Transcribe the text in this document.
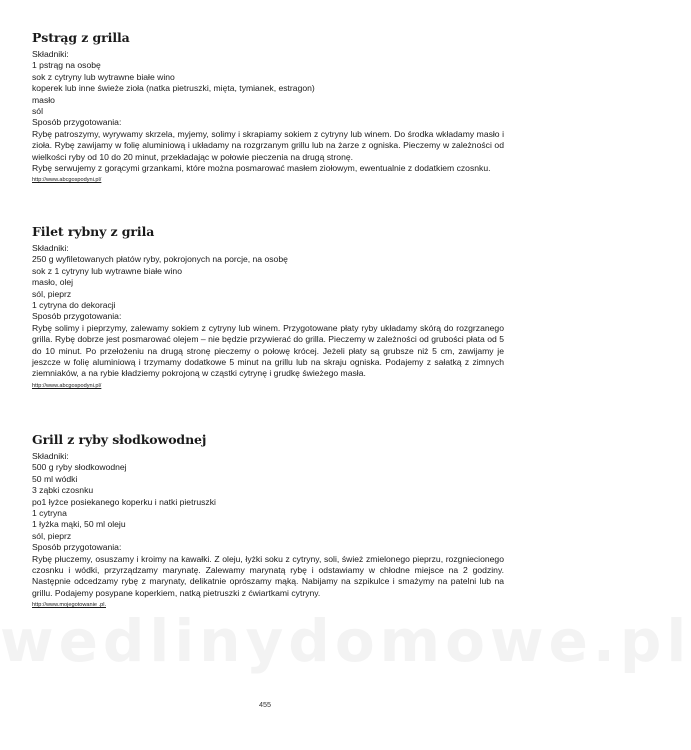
wedlinydomowe.pl
Pstrąg z grilla
Składniki:
1 pstrąg na osobę
sok z cytryny lub wytrawne białe wino
koperek lub inne świeże zioła (natka pietruszki, mięta, tymianek, estragon)
masło
sól
Sposób przygotowania:
Rybę patroszymy, wyrywamy skrzela, myjemy, solimy i skrapiamy sokiem z cytryny lub winem. Do środka wkładamy masło i zioła. Rybę zawijamy w folię aluminiową i układamy na rozgrzanym grillu lub na żarze z ogniska. Pieczemy w zależności od wielkości ryby od 10 do 20 minut, przekładając w połowie pieczenia na drugą stronę.
Rybę serwujemy z gorącymi grzankami, które można posmarować masłem ziołowym, ewentualnie z dodatkiem czosnku.
http://www.abcgospodyni.pl/
Filet rybny z grila
Składniki:
250 g wyfiletowanych płatów ryby, pokrojonych na porcje, na osobę
sok z 1 cytryny lub wytrawne białe wino
masło, olej
sól, pieprz
1 cytryna do dekoracji
Sposób przygotowania:
Rybę solimy i pieprzymy, zalewamy sokiem z cytryny lub winem. Przygotowane płaty ryby układamy skórą do rozgrzanego grilla. Rybę dobrze jest posmarować olejem – nie będzie przywierać do grilla. Pieczemy w zależności od grubości płata od 5 do 10 minut. Po przełożeniu na drugą stronę pieczemy o połowę krócej. Jeżeli płaty są grubsze niż 5 cm, zawijamy je jeszcze w folię aluminiową i trzymamy dodatkowe 5 minut na grillu lub na skraju ogniska. Podajemy z sałatką z zimnych ziemniaków, a na rybie kładziemy pokrojoną w cząstki cytrynę i grudkę świeżego masła.
http://www.abcgospodyni.pl/
Grill z ryby słodkowodnej
Składniki:
500 g ryby słodkowodnej
50 ml wódki
3 ząbki czosnku
po1 łyżce posiekanego koperku i natki pietruszki
1 cytryna
1 łyżka mąki, 50 ml oleju
sól, pieprz
Sposób przygotowania:
Rybę płuczemy, osuszamy i kroimy na kawałki. Z oleju, łyżki soku z cytryny, soli, śwież zmielonego pieprzu, rozgniecionego czosnku i wódki, przyrządzamy marynatę. Zalewamy marynatą rybę i odstawiamy w chłodne miejsce na 2 godziny. Następnie odcedzamy rybę z marynaty, delikatnie oprószamy mąką. Nabijamy na szpikulce i smażymy na patelni lub na grillu. Podajemy posypane koperkiem, natką pietruszki z ćwiartkami cytryny.
http://www.mojegotowanie .pl.
455
